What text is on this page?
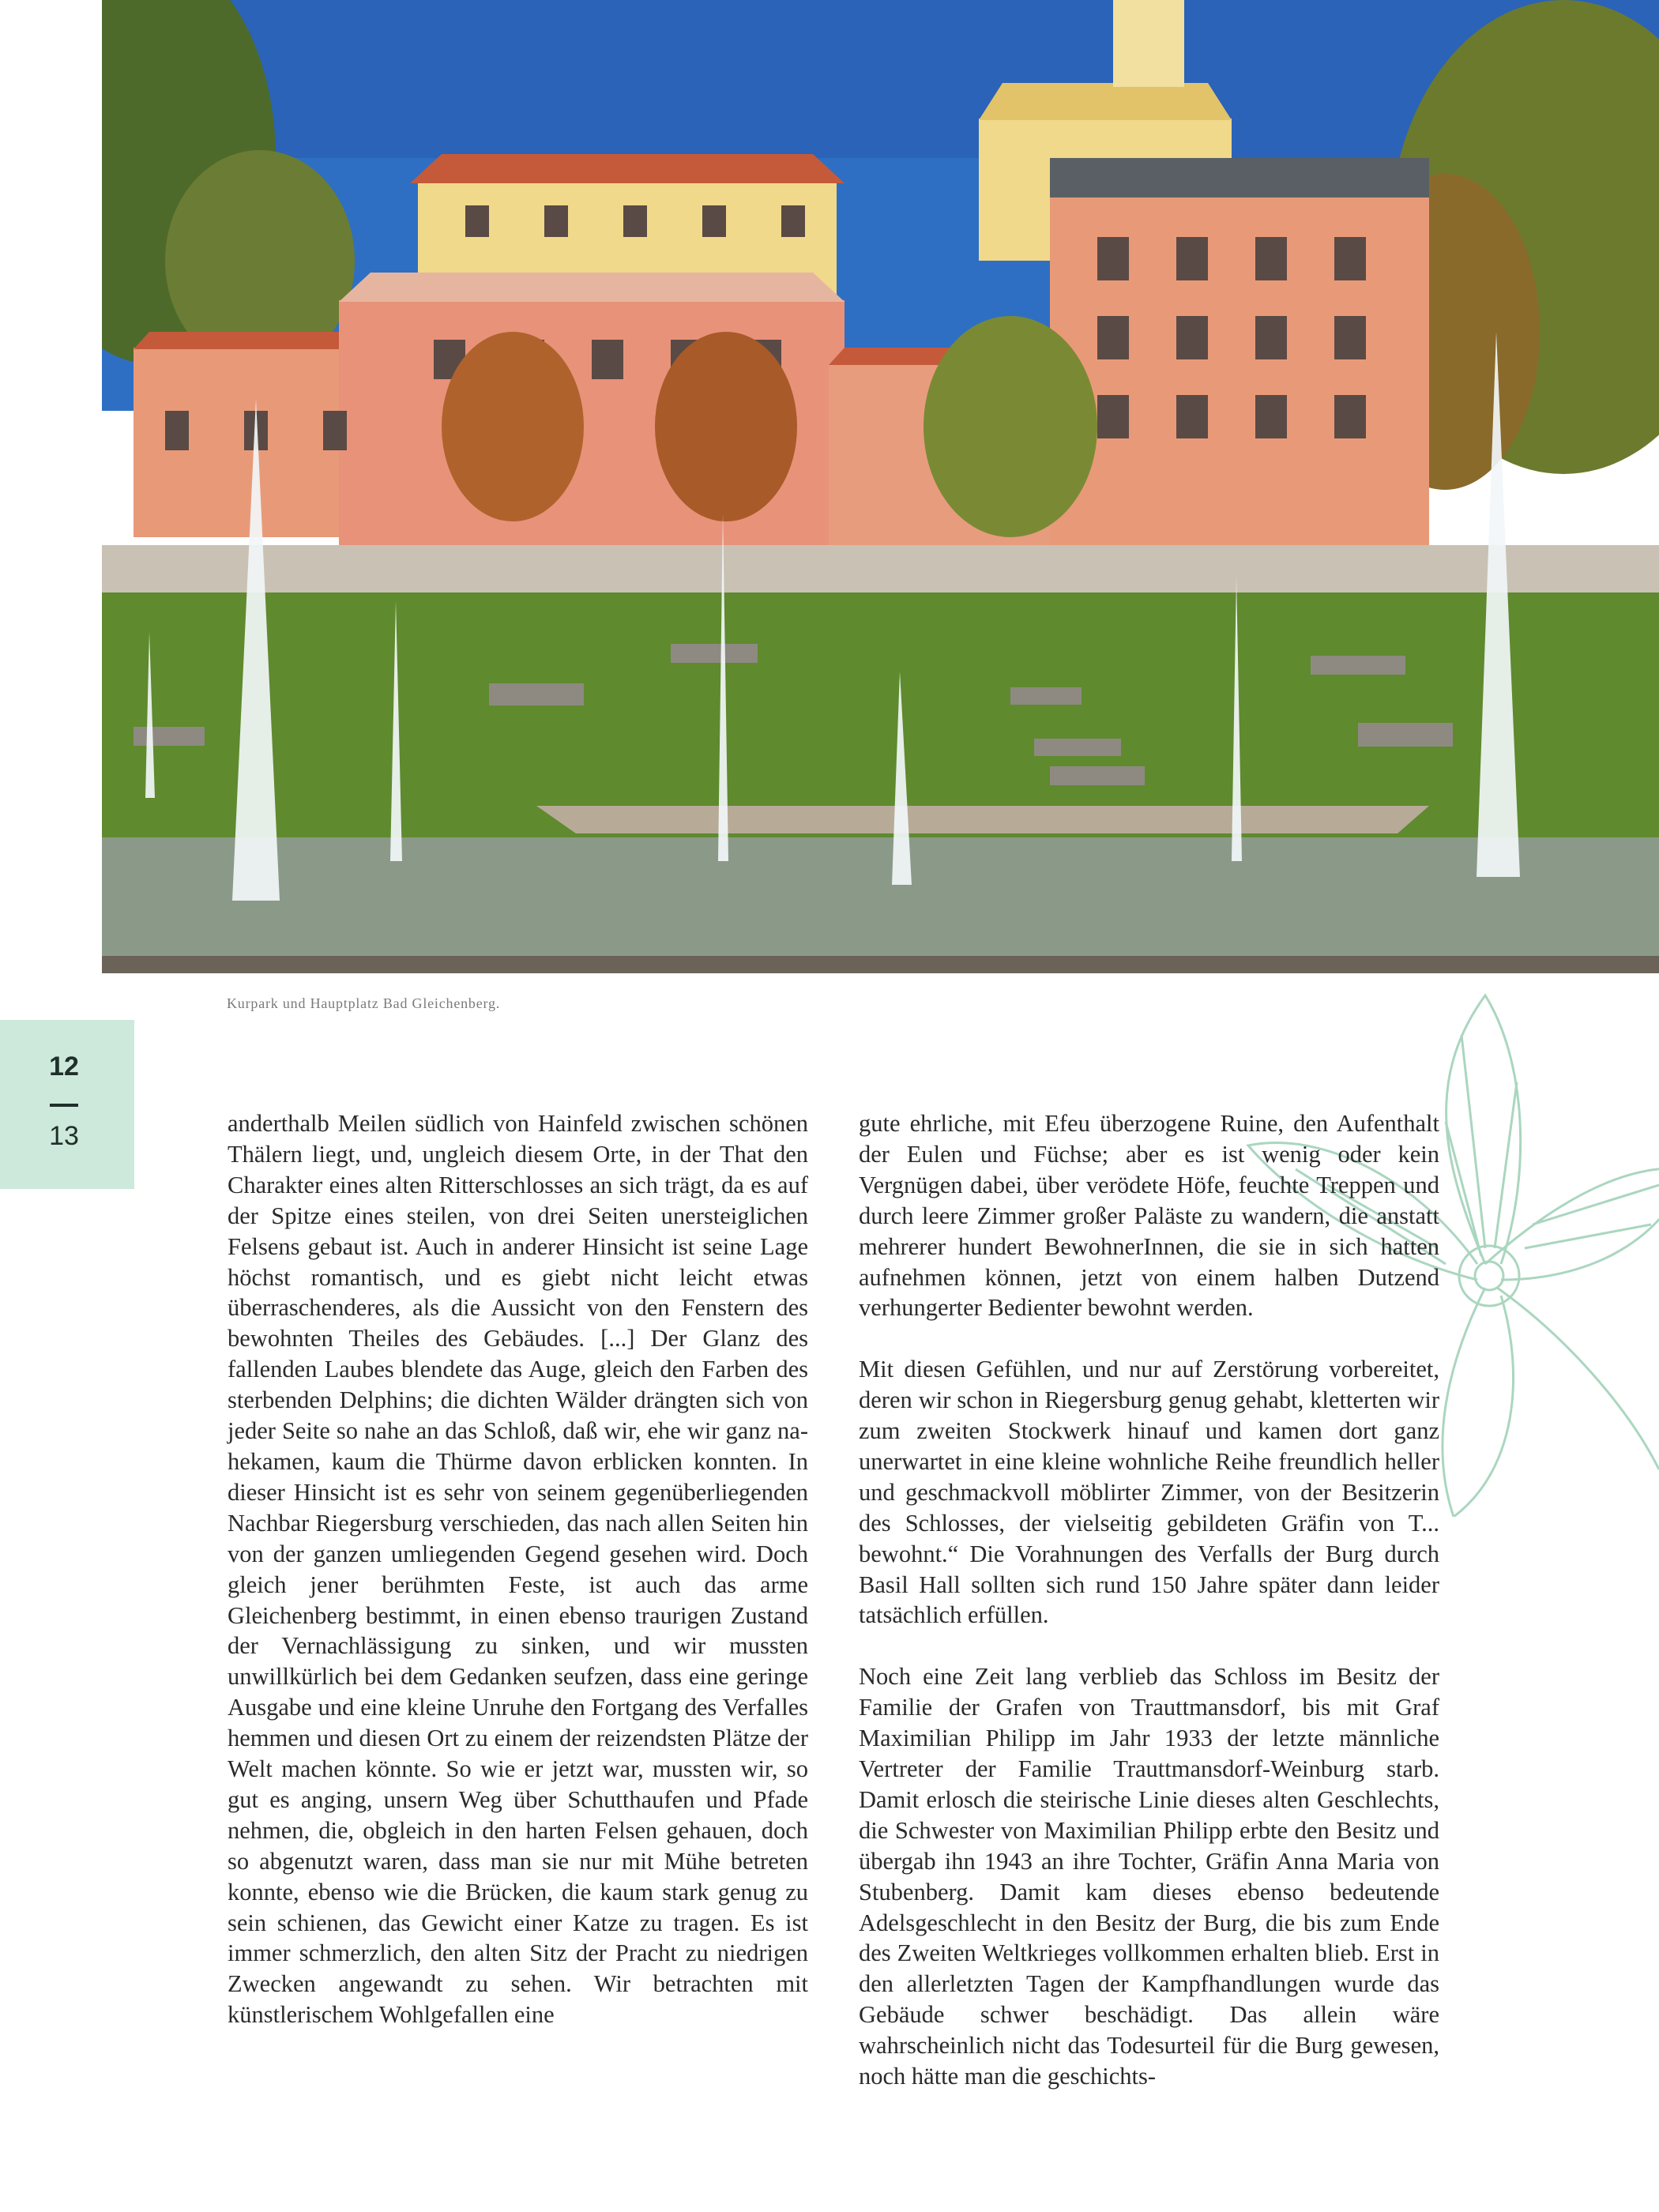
Kurpark und Hauptplatz Bad Gleichenberg.
12
13	anderthalb Meilen südlich von Hainfeld zwischen schönen Thälern liegt, und, ungleich diesem Orte, in der That den Charakter eines alten Ritterschlosses an sich trägt, da es auf der Spitze eines steilen, von drei Seiten unersteiglichen Felsens gebaut ist. Auch in anderer Hinsicht ist seine Lage höchst romantisch, und es giebt nicht leicht etwas überraschenderes, als die Aussicht von den Fenstern des bewohnten Theiles des Gebäudes. [...] Der Glanz des fallenden Laubes blendete das Auge, gleich den Farben des sterbenden Delphins; die dichten Wälder drängten sich von jeder Seite so nahe an das Schloß, daß wir, ehe wir ganz nahekamen, kaum die Thürme davon erblicken konnten. In dieser Hinsicht ist es sehr von seinem gegenüberliegenden Nachbar Riegersburg verschieden, das nach allen Seiten hin von der ganzen umliegenden Gegend gesehen wird. Doch gleich jener berühmten Feste, ist auch das arme Gleichenberg bestimmt, in einen ebenso traurigen Zustand der Vernachlässigung zu sinken, und wir mussten unwillkürlich bei dem Gedanken seufzen, dass eine geringe Ausgabe und eine kleine Unruhe den Fortgang des Verfalles hemmen und diesen Ort zu einem der reizendsten Plätze der Welt machen könnte. So wie er jetzt war, mussten wir, so gut es anging, unsern Weg über Schutthaufen und Pfade nehmen, die, obgleich in den harten Felsen gehauen, doch so abgenutzt waren, dass man sie nur mit Mühe betreten konnte, ebenso wie die Brücken, die kaum stark genug zu sein schienen, das Gewicht einer Katze zu tragen. Es ist immer schmerzlich, den alten Sitz der Pracht zu niedrigen Zwecken angewandt zu sehen. Wir betrachten mit künstlerischem Wohlgefallen eine

gute ehrliche, mit Efeu überzogene Ruine, den Aufenthalt der Eulen und Füchse; aber es ist wenig oder kein Vergnügen dabei, über verödete Höfe, feuchte Treppen und durch leere Zimmer großer Paläste zu wandern, die anstatt mehrerer hundert BewohnerInnen, die sie in sich hatten aufnehmen können, jetzt von einem halben Dutzend verhungerter Bedienter bewohnt werden.

Mit diesen Gefühlen, und nur auf Zerstörung vorbereitet, deren wir schon in Riegersburg genug gehabt, kletterten wir zum zweiten Stockwerk hinauf und kamen dort ganz unerwartet in eine kleine wohnliche Reihe freundlich heller und geschmackvoll möblirter Zimmer, von der Besitzerin des Schlosses, der vielseitig gebildeten Gräfin von T... bewohnt.“ Die Vorahnungen des Verfalls der Burg durch Basil Hall sollten sich rund 150 Jahre später dann leider tatsächlich erfüllen.

Noch eine Zeit lang verblieb das Schloss im Besitz der Familie der Grafen von Trauttmansdorf, bis mit Graf Maximilian Philipp im Jahr 1933 der letzte männliche Vertreter der Familie Trauttmansdorf-Weinburg starb. Damit erlosch die steirische Linie dieses alten Geschlechts, die Schwester von Maximilian Philipp erbte den Besitz und übergab ihn 1943 an ihre Tochter, Gräfin Anna Maria von Stubenberg. Damit kam dieses ebenso bedeutende Adelsgeschlecht in den Besitz der Burg, die bis zum Ende des Zweiten Weltkrieges vollkommen erhalten blieb. Erst in den allerletzten Tagen der Kampfhandlungen wurde das Gebäude schwer beschädigt. Das allein wäre wahrscheinlich nicht das Todesurteil für die Burg gewesen, noch hätte man die geschichts-
